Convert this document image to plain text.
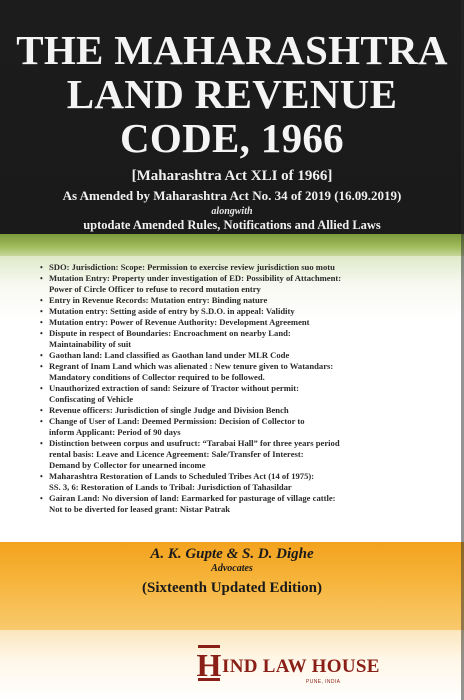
THE MAHARASHTRA
LAND REVENUE
CODE, 1966
[Maharashtra Act XLI of 1966]
As Amended by Maharashtra Act No. 34 of 2019 (16.09.2019)
alongwith
uptodate Amended Rules, Notifications and Allied Laws
• SDO: Jurisdiction: Scope: Permission to exercise review jurisdiction suo motu
• Mutation Entry: Property under investigation of ED: Possibility of Attachment:
Power of Circle Officer to refuse to record mutation entry
• Entry in Revenue Records: Mutation entry: Binding nature
• Mutation entry: Setting aside of entry by S.D.O. in appeal: Validity
• Mutation entry: Power of Revenue Authority: Development Agreement
• Dispute in respect of Boundaries: Encroachment on nearby Land:
Maintainability of suit
• Gaothan land: Land classified as Gaothan land under MLR Code
• Regrant of Inam Land which was alienated : New tenure given to Watandars:
Mandatory conditions of Collector required to be followed.
• Unauthorized extraction of sand: Seizure of Tractor without permit:
Confiscating of Vehicle
• Revenue officers: Jurisdiction of single Judge and Division Bench
• Change of User of Land: Deemed Permission: Decision of Collector to
inform Applicant: Period of 90 days
• Distinction between corpus and usufruct: “Tarabai Hall” for three years period
rental basis: Leave and Licence Agreement: Sale/Transfer of Interest:
Demand by Collector for unearned income
• Maharashtra Restoration of Lands to Scheduled Tribes Act (14 of 1975):
SS. 3, 6: Restoration of Lands to Tribal: Jurisdiction of Tahasildar
• Gairan Land: No diversion of land: Earmarked for pasturage of village cattle:
Not to be diverted for leased grant: Nistar Patrak
A. K. Gupte & S. D. Dighe
Advocates
(Sixteenth Updated Edition)
H IND LAW HOUSE
PUNE, INDIA
